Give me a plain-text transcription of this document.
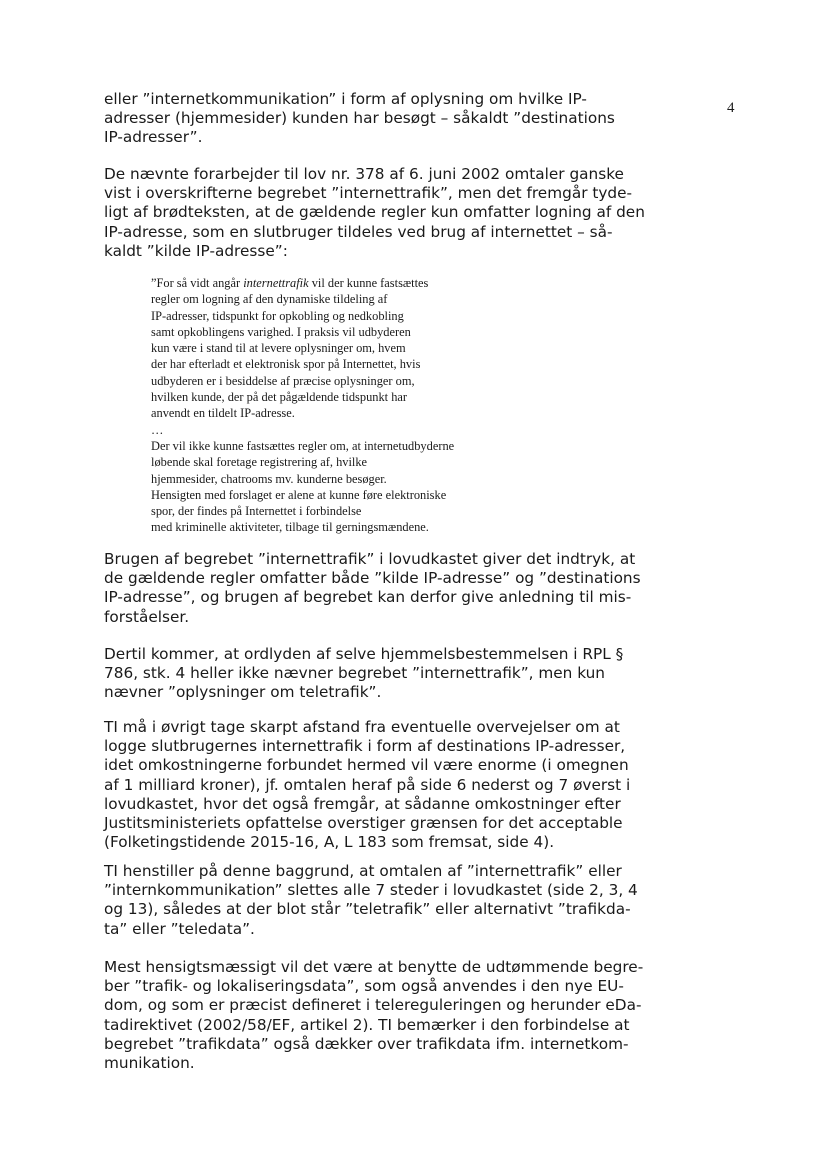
4

eller ”internetkommunikation” i form af oplysning om hvilke IP-
adresser (hjemmesider) kunden har besøgt – såkaldt ”destinations
IP-adresser”.

De nævnte forarbejder til lov nr. 378 af 6. juni 2002 omtaler ganske
vist i overskrifterne begrebet ”internettrafik”, men det fremgår tyde-
ligt af brødteksten, at de gældende regler kun omfatter logning af den
IP-adresse, som en slutbruger tildeles ved brug af internettet – så-
kaldt ”kilde IP-adresse”:

”For så vidt angår internettrafik vil der kunne fastsættes
regler om logning af den dynamiske tildeling af
IP-adresser, tidspunkt for opkobling og nedkobling
samt opkoblingens varighed. I praksis vil udbyderen
kun være i stand til at levere oplysninger om, hvem
der har efterladt et elektronisk spor på Internettet, hvis
udbyderen er i besiddelse af præcise oplysninger om,
hvilken kunde, der på det pågældende tidspunkt har
anvendt en tildelt IP-adresse.
…
Der vil ikke kunne fastsættes regler om, at internetudbyderne
løbende skal foretage registrering af, hvilke
hjemmesider, chatrooms mv. kunderne besøger.
Hensigten med forslaget er alene at kunne føre elektroniske
spor, der findes på Internettet i forbindelse
med kriminelle aktiviteter, tilbage til gerningsmændene.

Brugen af begrebet ”internettrafik” i lovudkastet giver det indtryk, at
de gældende regler omfatter både ”kilde IP-adresse” og ”destinations
IP-adresse”, og brugen af begrebet kan derfor give anledning til mis-
forståelser.

Dertil kommer, at ordlyden af selve hjemmelsbestemmelsen i RPL §
786, stk. 4 heller ikke nævner begrebet ”internettrafik”, men kun
nævner ”oplysninger om teletrafik”.

TI må i øvrigt tage skarpt afstand fra eventuelle overvejelser om at
logge slutbrugernes internettrafik i form af destinations IP-adresser,
idet omkostningerne forbundet hermed vil være enorme (i omegnen
af 1 milliard kroner), jf. omtalen heraf på side 6 nederst og 7 øverst i
lovudkastet, hvor det også fremgår, at sådanne omkostninger efter
Justitsministeriets opfattelse overstiger grænsen for det acceptable
(Folketingstidende 2015-16, A, L 183 som fremsat, side 4).

TI henstiller på denne baggrund, at omtalen af ”internettrafik” eller
”internkommunikation” slettes alle 7 steder i lovudkastet (side 2, 3, 4
og 13), således at der blot står ”teletrafik” eller alternativt ”trafikda-
ta” eller ”teledata”.

Mest hensigtsmæssigt vil det være at benytte de udtømmende begre-
ber ”trafik- og lokaliseringsdata”, som også anvendes i den nye EU-
dom, og som er præcist defineret i telereguleringen og herunder eDa-
tadirektivet (2002/58/EF, artikel 2). TI bemærker i den forbindelse at
begrebet ”trafikdata” også dækker over trafikdata ifm. internetkom-
munikation.
